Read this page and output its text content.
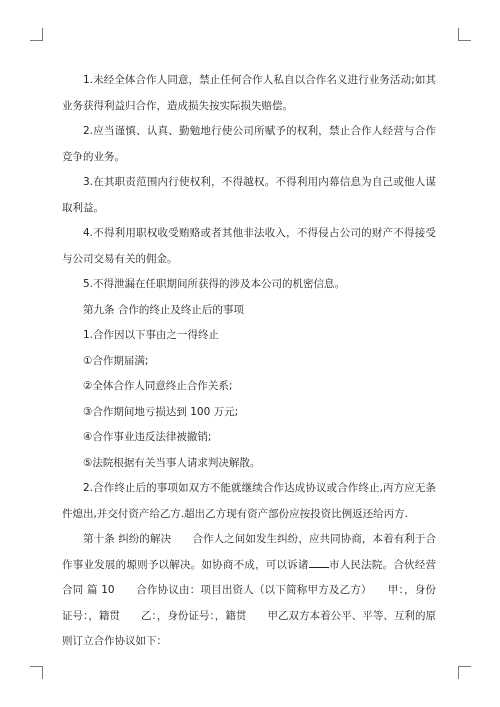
1.未经全体合作人同意，禁止任何合作人私自以合作名义进行业务活动;如其业务获得利益归合作，造成损失按实际损失赔偿。

2.应当谨慎、认真、勤勉地行使公司所赋予的权利，禁止合作人经营与合作竞争的业务。

3.在其职责范围内行使权利，不得越权。不得利用内幕信息为自己或他人谋取利益。

4.不得利用职权收受贿赂或者其他非法收入，不得侵占公司的财产不得接受与公司交易有关的佣金。

5.不得泄漏在任职期间所获得的涉及本公司的机密信息。

第九条 合作的终止及终止后的事项

1.合作因以下事由之一得终止

①合作期届满;

②全体合作人同意终止合作关系;

③合作期间地亏损达到 100 万元;

④合作事业违反法律被撤销;

⑤法院根据有关当事人请求判决解散。

2.合作终止后的事项如双方不能就继续合作达成协议或合作终止,丙方应无条件熄出,并交付资产给乙方.超出乙方现有资产部份应按投资比例返还给丙方.

第十条 纠纷的解决　　合作人之间如发生纠纷，应共同协商，本着有利于合作事业发展的塬则予以解决。如协商不成，可以诉诸 市人民法院。合伙经营合同 篇 10　　合作协议由：项目出资人（以下简称甲方及乙方）　　甲：，身份证号：，籍贯　　乙：，身份证号：，籍贯　　甲乙双方本着公平、平等、互利的原则订立合作协议如下：
